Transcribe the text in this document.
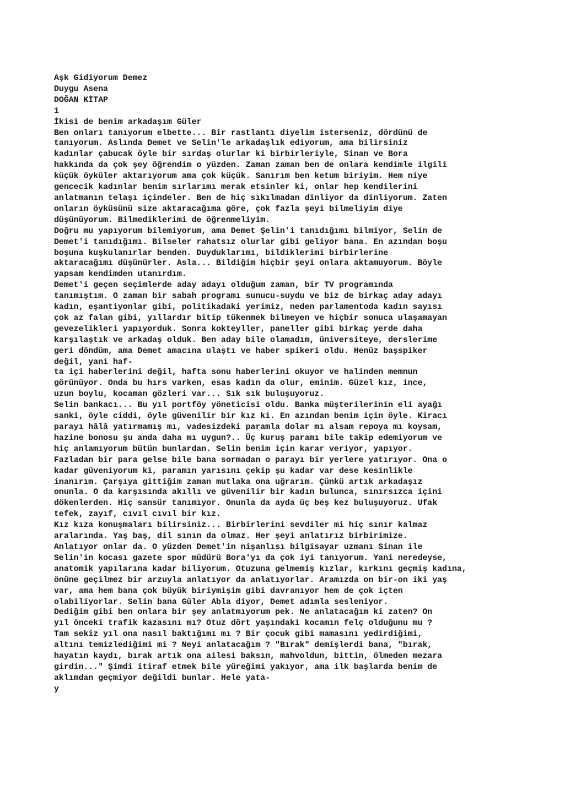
Aşk Gidiyorum Demez
Duygu Asena
DOĞAN KİTAP
1
İkisi de benim arkadaşım Güler
Ben onları tanıyorum elbette... Bir rastlantı diyelim isterseniz, dördünü de
tanıyorum. Aslında Demet ve Selin'le arkadaşlık ediyorum, ama bilirsiniz
kadınlar çabucak öyle bir sırdaş olurlar ki birbirleriyle, Sinan ve Bora
hakkında da çok şey öğrendim o yüzden. Zaman zaman ben de onlara kendimle ilgili
küçük öyküler aktarıyorum ama çok küçük. Sanırım ben ketum biriyim. Hem niye
gencecik kadınlar benim sırlarımı merak etsinler ki, onlar hep kendilerini
anlatmanın telaşı içindeler. Ben de hiç sıkılmadan dinliyor da dinliyorum. Zaten
onların öyküsünü size aktaracağıma göre, çok fazla şeyi bilmeliyim diye
düşünüyorum. Bilmediklerimi de öğrenmeliyim.
Doğru mu yapıyorum bilemiyorum, ama Demet Şelin'i tanıdığımı bilmiyor, Selin de
Demet'i tanıdığımı. Bilseler rahatsız olurlar gibi geliyor bana. En azından boşu
boşuna kuşkulanırlar benden. Duyduklarımı, bildiklerimi birbirlerine
aktaracağımı düşünürler. Asla... Bildiğim hiçbir şeyi onlara aktamuyorum. Böyle
yapsam kendimden utanırdım.
Demet'i geçen seçimlerde aday adayı olduğum zaman, bir TV programında
tanımıştım. O zaman bir sabah programı sunucu-suydu ve biz de birkaç aday adayı
kadın, eşantiyonlar gibi, politikadaki yerimiz, neden parlamentoda kadın sayısı
çok az falan gibi, yıllardır bitip tükenmek bilmeyen ve hiçbir sonuca ulaşamayan
gevezelikleri yapıyorduk. Sonra kokteyller, paneller gibi birkaç yerde daha
karşılaştık ve arkadaş olduk. Ben aday bile olamadım, üniversiteye, derslerime
geri döndüm, ama Demet amacına ulaştı ve haber spikeri oldu. Henüz başspiker
değil, yani haf-
ta içi haberlerini değil, hafta sonu haberlerini okuyor ve halinden memnun
görünüyor. Onda bu hırs varken, esas kadın da olur, eminim. Güzel kız, ince,
uzun boylu, kocaman gözleri var... Sık sık buluşuyoruz.
Selin bankacı... Bu yıl portföy yöneticisi oldu. Banka müşterilerinin eli ayağı
sanki, öyle ciddi, öyle güvenilir bir kız ki. En azından benim için öyle. Kiracı
parayı hâlâ yatırmamış mı, vadesizdeki paramla dolar mı alsam repoya mı koysam,
hazine bonosu şu anda daha mı uygun?.. Üç kuruş paramı bile takip edemiyorum ve
hiç anlamıyorum bütün bunlardan. Selin benim için karar veriyor, yapıyor.
Fazladan bir para gelse bile bana sormadan o parayı bir yerlere yatırıyor. Ona o
kadar güveniyorum ki, paramın yarısını çekip şu kadar var dese kesinlikle
inanırım. Çarşıya gittiğim zaman mutlaka ona uğrarım. Çünkü artık arkadaşız
onunla. O da karşısında akıllı ve güvenilir bir kadın bulunca, sınırsızca içini
dökenlerden. Hiç sansür tanımıyor. Onunla da ayda üç beş kez buluşuyoruz. Ufak
tefek, zayıf, cıvıl cıvıl bir kız.
Kız kıza konuşmaları bilirsiniz... Birbirlerini sevdiler mi hiç sınır kalmaz
aralarında. Yaş baş, dil sının da olmaz. Her şeyi anlatırız birbirimize.
Anlatıyor onlar da. O yüzden Demet'in nişanlısı bilgisayar uzmanı Sinan ile
Selin'in kocası gazete spor müdürü Bora'yı da çok iyi tanıyorum. Yani neredeyse,
anatomik yapılarına kadar biliyorum. Otuzuna gelmemiş kızlar, kırkını geçmiş kadına,
önüne geçilmez bir arzuyla anlatıyor da anlatıyorlar. Aramızda on bir-on iki yaş
var, ama hem bana çok büyük biriymişim gibi davranıyor hem de çok içten
olabiliyorlar. Selin bana Güler Abla diyor, Demet adımla sesleniyor.
Dediğim gibi ben onlara bir şey anlatmıyorum pek. Ne anlatacağım ki zaten? On
yıl önceki trafik kazasını mı? Otuz dört yaşındaki kocamın felç olduğunu mu ?
Tam sekiz yıl ona nasıl baktığımı mı ? Bir çocuk gibi mamasını yedirdiğimi,
altını temizlediğimi mi ? Neyi anlatacağım ? "Bırak" demişlerdi bana, "bırak,
hayatın kaydı, bırak artık ona ailesi baksın, mahvoldun, bittin, ölmeden mezara
girdin..." Şimdi itiraf etmek bile yüreğimi yakıyor, ama ilk başlarda benim de
aklımdan geçmiyor değildi bunlar. Hele yata-
y
